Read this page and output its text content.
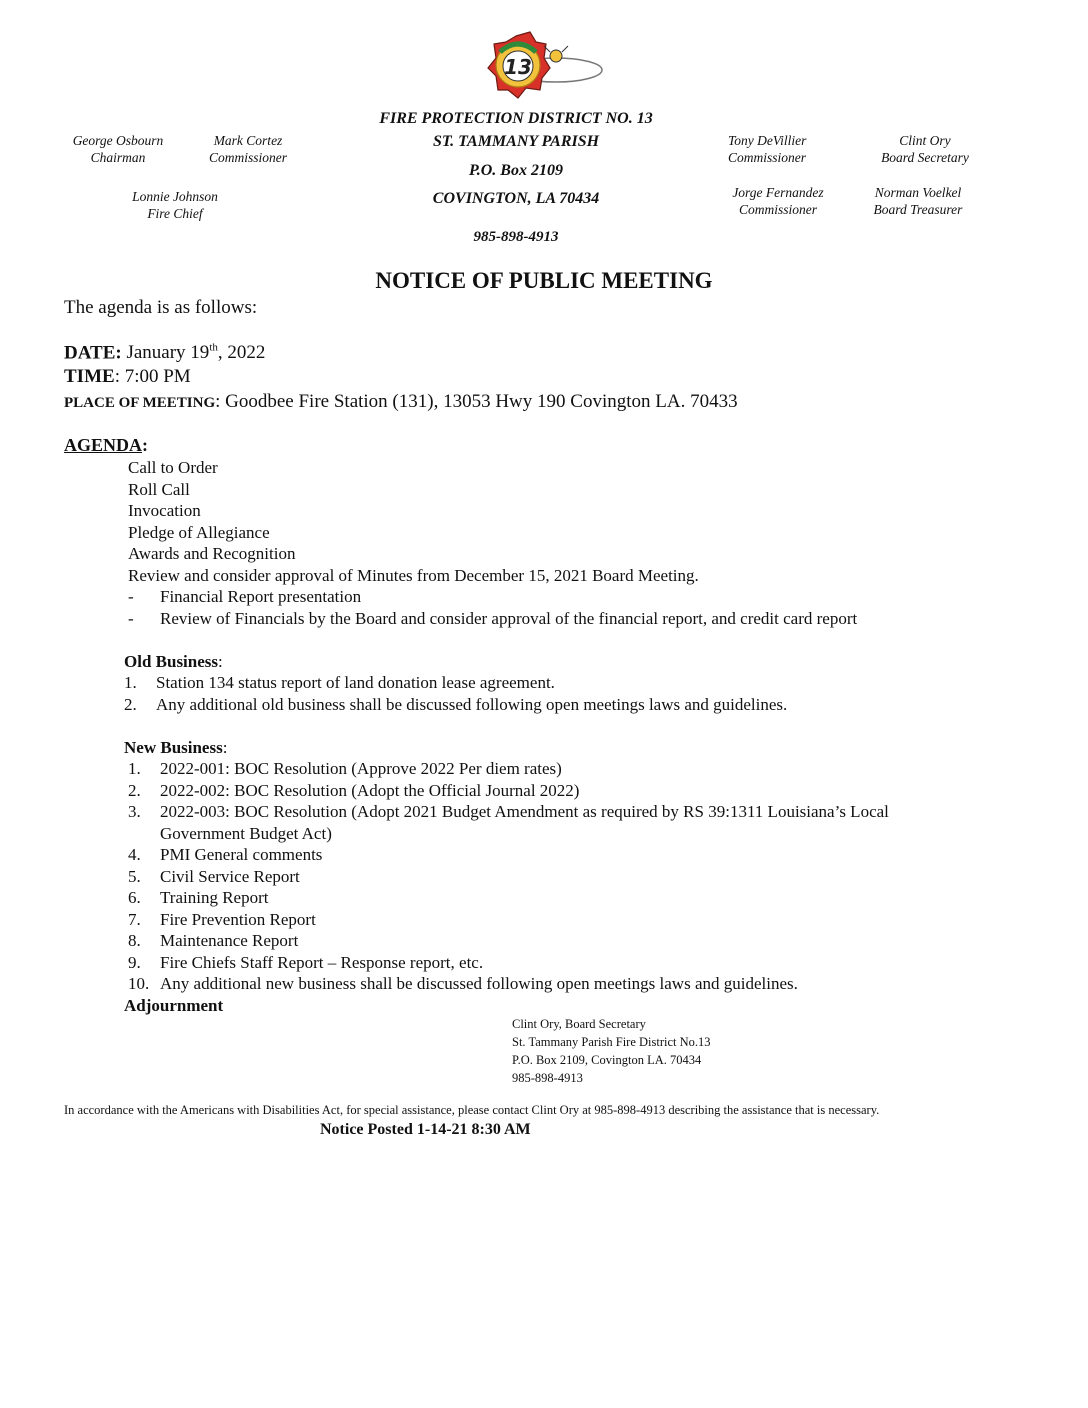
13
George Osbourn
Chairman
Mark Cortez
Commissioner
Lonnie Johnson
Fire Chief
FIRE PROTECTION DISTRICT NO. 13
ST. TAMMANY PARISH
P.O. Box 2109
COVINGTON, LA 70434
985-898-4913
Tony DeVillier
Commissioner
Clint Ory
Board Secretary
Jorge Fernandez
Commissioner
Norman Voelkel
Board Treasurer
NOTICE OF PUBLIC MEETING
The agenda is as follows:
DATE: January 19th, 2022
TIME: 7:00 PM
PLACE OF MEETING: Goodbee Fire Station (131), 13053 Hwy 190 Covington LA. 70433
AGENDA:
Call to Order
Roll Call
Invocation
Pledge of Allegiance
Awards and Recognition
Review and consider approval of Minutes from December 15, 2021 Board Meeting.
- Financial Report presentation
- Review of Financials by the Board and consider approval of the financial report, and credit card report
Old Business:
1. Station 134 status report of land donation lease agreement.
2. Any additional old business shall be discussed following open meetings laws and guidelines.
New Business:
1. 2022-001: BOC Resolution (Approve 2022 Per diem rates)
2. 2022-002: BOC Resolution (Adopt the Official Journal 2022)
3. 2022-003: BOC Resolution (Adopt 2021 Budget Amendment as required by RS 39:1311 Louisiana’s Local
Government Budget Act)
4. PMI General comments
5. Civil Service Report
6. Training Report
7. Fire Prevention Report
8. Maintenance Report
9. Fire Chiefs Staff Report – Response report, etc.
10. Any additional new business shall be discussed following open meetings laws and guidelines.
Adjournment
Clint Ory, Board Secretary
St. Tammany Parish Fire District No.13
P.O. Box 2109, Covington LA. 70434
985-898-4913
In accordance with the Americans with Disabilities Act, for special assistance, please contact Clint Ory at 985-898-4913 describing the assistance that is necessary.
Notice Posted 1-14-21 8:30 AM
